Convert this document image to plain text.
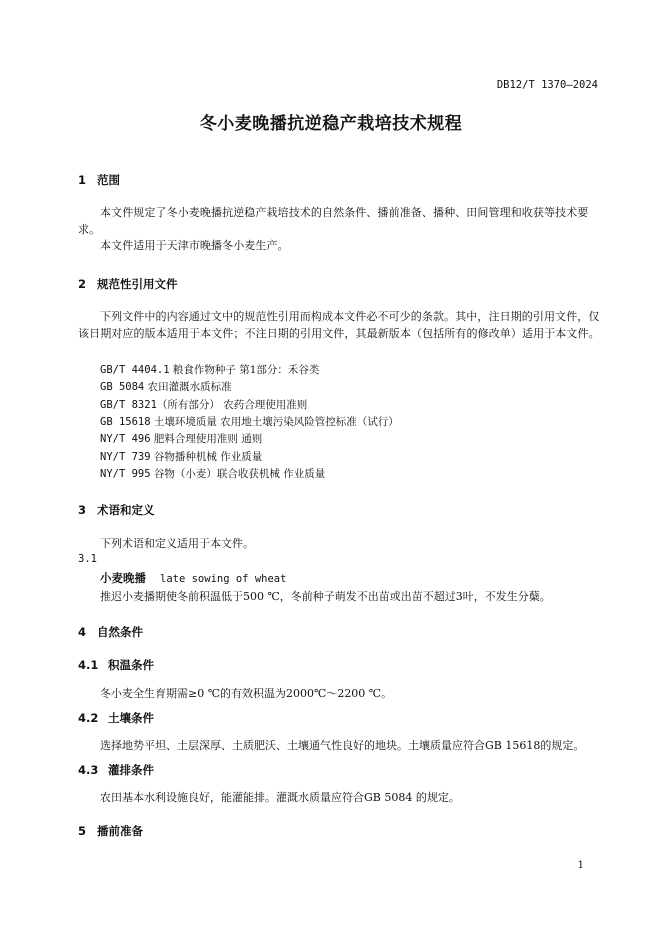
DB12/T 1370—2024
冬小麦晚播抗逆稳产栽培技术规程
1 范围
本文件规定了冬小麦晚播抗逆稳产栽培技术的自然条件、播前准备、播种、田间管理和收获等技术要求。
本文件适用于天津市晚播冬小麦生产。
2 规范性引用文件
下列文件中的内容通过文中的规范性引用而构成本文件必不可少的条款。其中，注日期的引用文件，仅该日期对应的版本适用于本文件；不注日期的引用文件，其最新版本（包括所有的修改单）适用于本文件。
GB/T 4404.1 粮食作物种子 第1部分：禾谷类
GB 5084 农田灌溉水质标准
GB/T 8321（所有部分） 农药合理使用准则
GB 15618 土壤环境质量 农用地土壤污染风险管控标准（试行）
NY/T 496 肥料合理使用准则 通则
NY/T 739 谷物播种机械 作业质量
NY/T 995 谷物（小麦）联合收获机械 作业质量
3 术语和定义
下列术语和定义适用于本文件。
3.1
小麦晚播 late sowing of wheat
推迟小麦播期使冬前积温低于500 ℃，冬前种子萌发不出苗或出苗不超过3叶，不发生分蘖。
4 自然条件
4.1 积温条件
冬小麦全生育期需≥0 ℃的有效积温为2000℃～2200 ℃。
4.2 土壤条件
选择地势平坦、土层深厚、土质肥沃、土壤通气性良好的地块。土壤质量应符合GB 15618的规定。
4.3 灌排条件
农田基本水利设施良好，能灌能排。灌溉水质量应符合GB 5084 的规定。
5 播前准备
1
